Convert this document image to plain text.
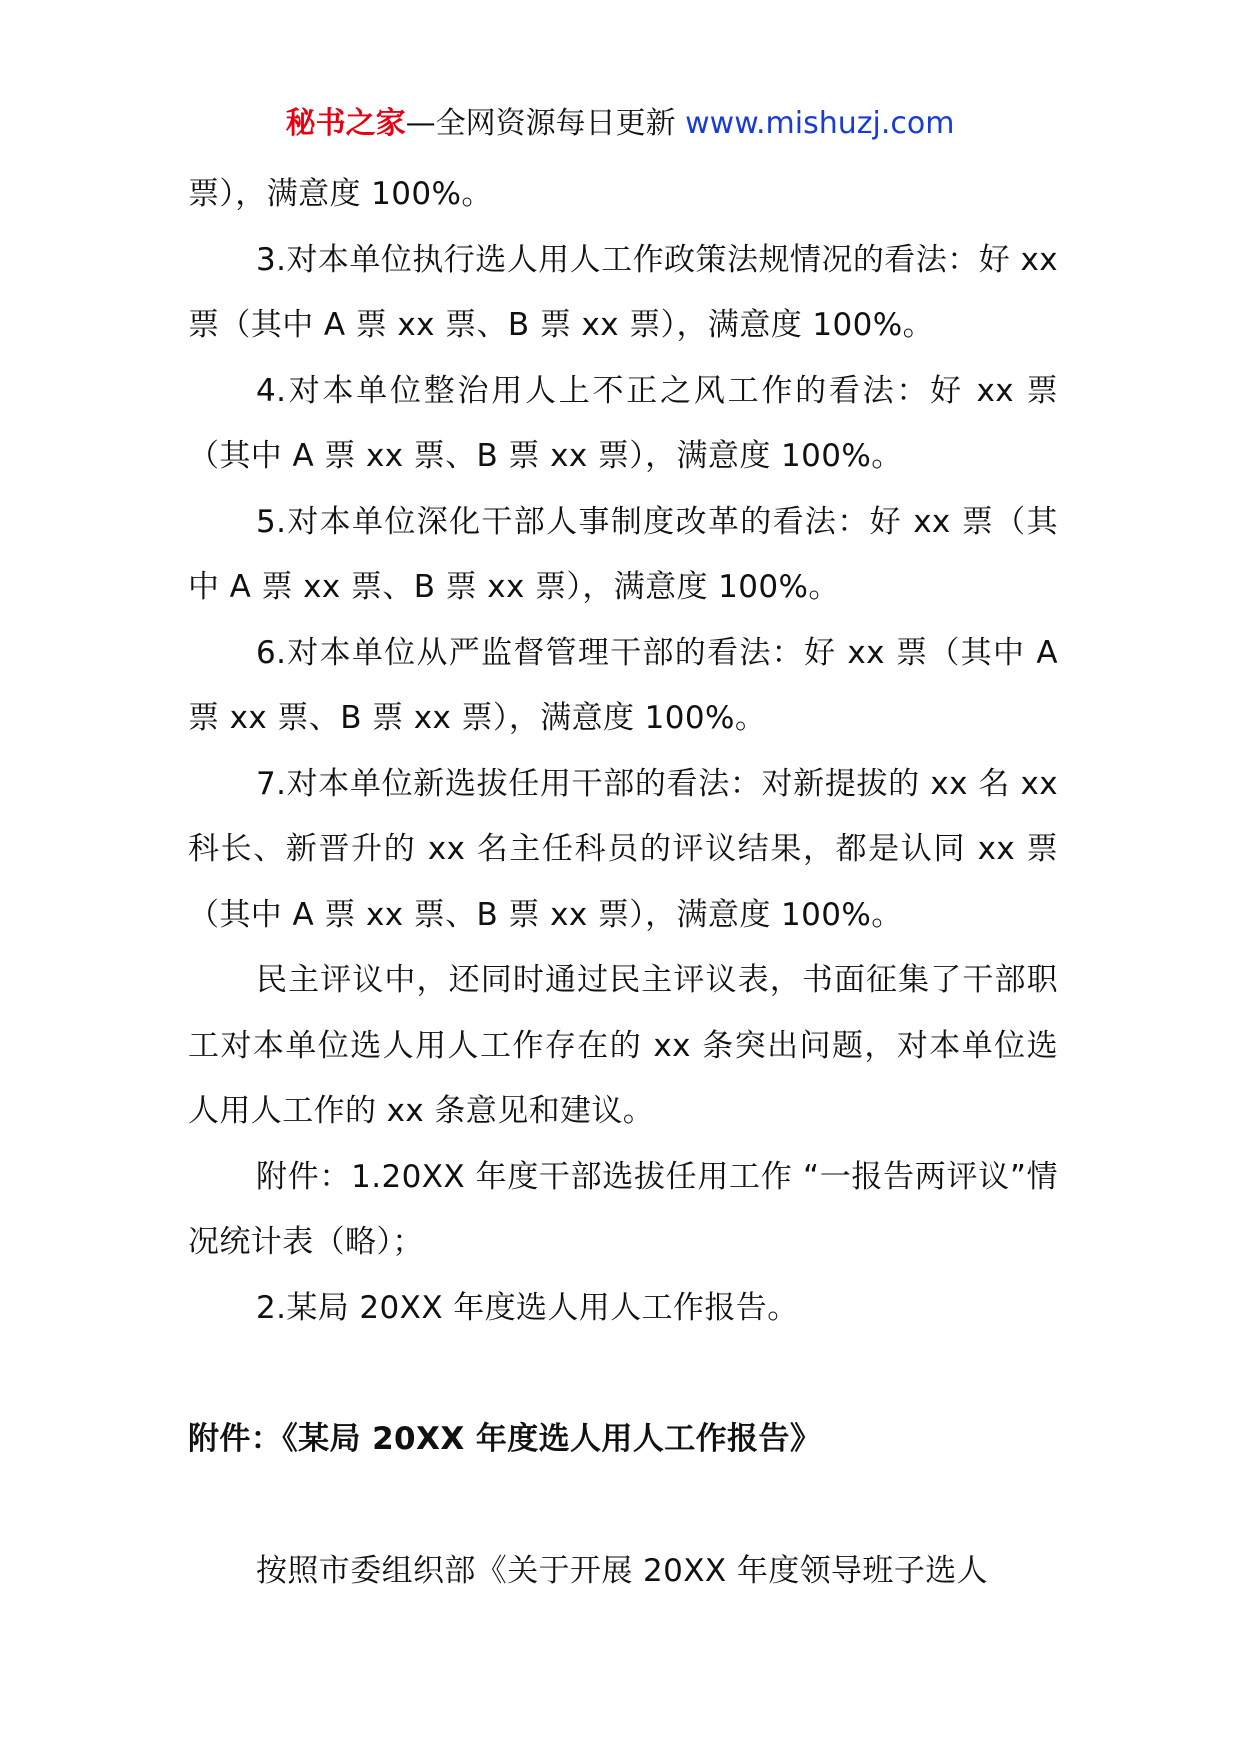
秘书之家—全网资源每日更新 www.mishuzj.com

票），满意度 100%。

3.对本单位执行选人用人工作政策法规情况的看法：好 xx 票（其中 A 票 xx 票、B 票 xx 票），满意度 100%。

4.对本单位整治用人上不正之风工作的看法：好 xx 票（其中 A 票 xx 票、B 票 xx 票），满意度 100%。

5.对本单位深化干部人事制度改革的看法：好 xx 票（其中 A 票 xx 票、B 票 xx 票），满意度 100%。

6.对本单位从严监督管理干部的看法：好 xx 票（其中 A 票 xx 票、B 票 xx 票），满意度 100%。

7.对本单位新选拔任用干部的看法：对新提拔的 xx 名 xx 科长、新晋升的 xx 名主任科员的评议结果，都是认同 xx 票（其中 A 票 xx 票、B 票 xx 票），满意度 100%。

民主评议中，还同时通过民主评议表，书面征集了干部职工对本单位选人用人工作存在的 xx 条突出问题，对本单位选人用人工作的 xx 条意见和建议。

附件：1.20XX 年度干部选拔任用工作 “一报告两评议”情况统计表（略）；

2.某局 20XX 年度选人用人工作报告。

附件：《某局 20XX 年度选人用人工作报告》

按照市委组织部《关于开展 20XX 年度领导班子选人
